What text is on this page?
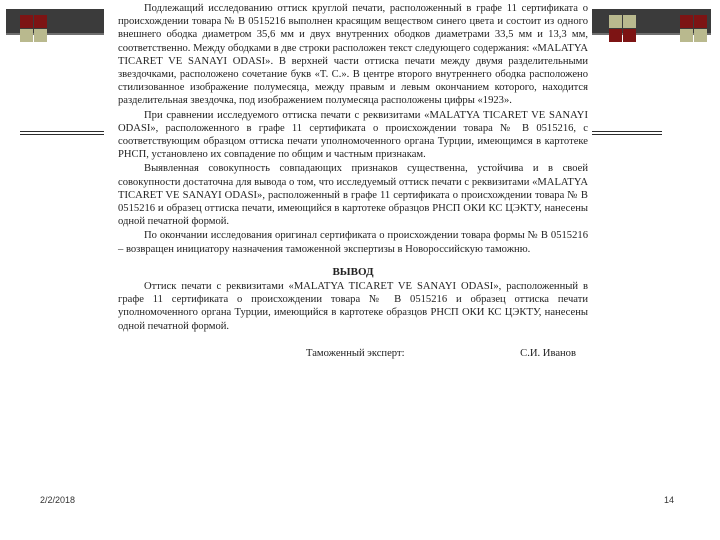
Подлежащий исследованию оттиск круглой печати, расположенный в графе 11 сертификата о происхождении товара № В 0515216 выполнен красящим веществом синего цвета и состоит из одного внешнего ободка диаметром 35,6 мм и двух внутренних ободков диаметрами 33,5 мм и 13,3 мм, соответственно. Между ободками в две строки расположен текст следующего содержания: «MALATYA TICARET VE SANAYI ODASI». В верхней части оттиска печати между двумя разделительными звездочками, расположено сочетание букв «T. C.». В центре второго внутреннего ободка расположено стилизованное изображение полумесяца, между правым и левым окончанием которого, находится разделительная звездочка, под изображением полумесяца расположены цифры «1923».

При сравнении исследуемого оттиска печати с реквизитами «MALATYA TICARET VE SANAYI ODASI», расположенного в графе 11 сертификата о происхождении товара № В 0515216, с соответствующим образцом оттиска печати уполномоченного органа Турции, имеющимся в картотеке РНСП, установлено их совпадение по общим и частным признакам.

Выявленная совокупность совпадающих признаков существенна, устойчива и в своей совокупности достаточна для вывода о том, что исследуемый оттиск печати с реквизитами «MALATYA TICARET VE SANAYI ODASI», расположенный в графе 11 сертификата о происхождении товара № В 0515216 и образец оттиска печати, имеющийся в картотеке образцов РНСП ОКИ КС ЦЭКТУ, нанесены одной печатной формой.

По окончании исследования оригинал сертификата о происхождении товара формы № В 0515216 – возвращен инициатору назначения таможенной экспертизы в Новороссийскую таможню.

ВЫВОД

Оттиск печати с реквизитами «MALATYA TICARET VE SANAYI ODASI», расположенный в графе 11 сертификата о происхождении товара № В 0515216 и образец оттиска печати уполномоченного органа Турции, имеющийся в картотеке образцов РНСП ОКИ КС ЦЭКТУ, нанесены одной печатной формой.

Таможенный эксперт:	С.И. Иванов
2/2/2018	14
